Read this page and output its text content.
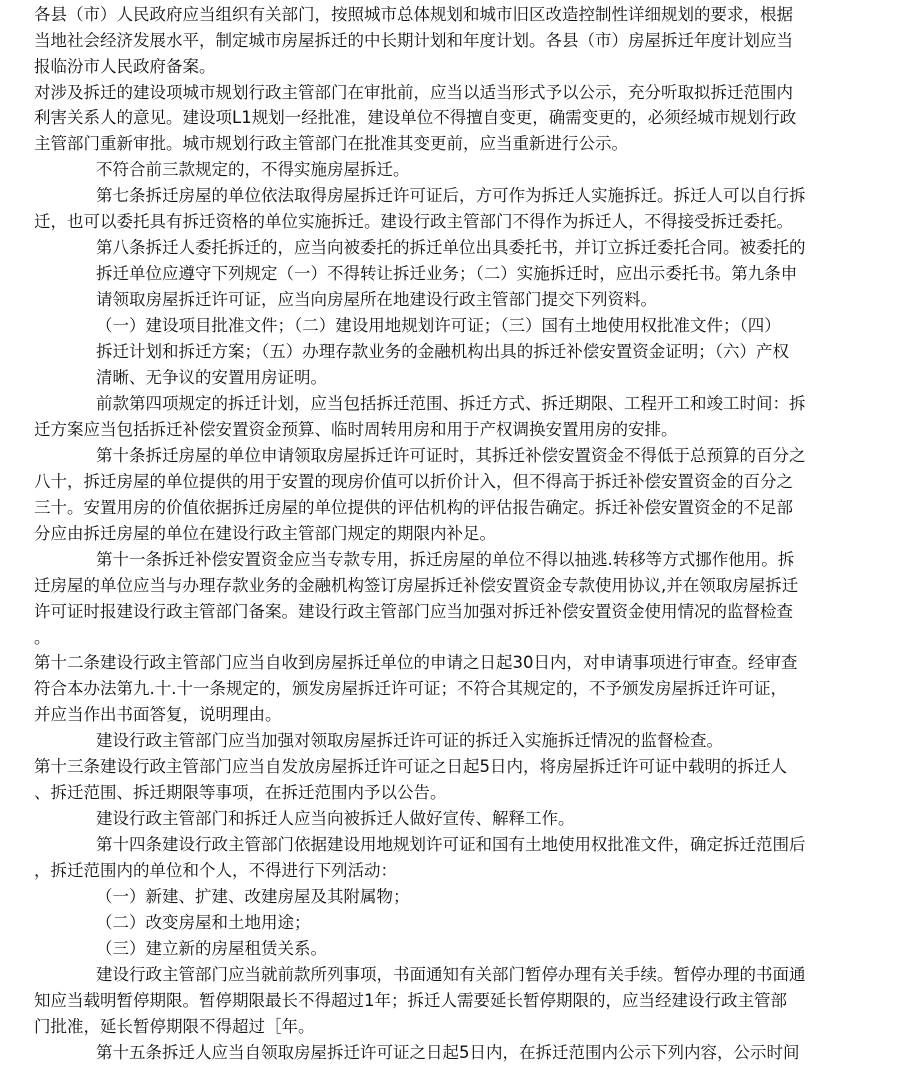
各县（市）人民政府应当组织有关部门，按照城市总体规划和城市旧区改造控制性详细规划的要求，根据
当地社会经济发展水平，制定城市房屋拆迁的中长期计划和年度计划。各县（市）房屋拆迁年度计划应当
报临汾市人民政府备案。
对涉及拆迁的建设项城市规划行政主管部门在审批前，应当以适当形式予以公示，充分听取拟拆迁范围内
利害关系人的意见。建设项L1规划一经批准，建设单位不得擅自变更，确需变更的，必须经城市规划行政
主管部门重新审批。城市规划行政主管部门在批准其变更前，应当重新进行公示。
不符合前三款规定的，不得实施房屋拆迁。
第七条拆迁房屋的单位依法取得房屋拆迁许可证后，方可作为拆迁人实施拆迁。拆迁人可以自行拆
迁，也可以委托具有拆迁资格的单位实施拆迁。建设行政主管部门不得作为拆迁人，不得接受拆迁委托。
第八条拆迁人委托拆迁的，应当向被委托的拆迁单位出具委托书，并订立拆迁委托合同。被委托的
拆迁单位应遵守下列规定（一）不得转让拆迁业务；（二）实施拆迁时，应出示委托书。第九条申
请领取房屋拆迁许可证，应当向房屋所在地建设行政主管部门提交下列资料。
（一）建设项目批准文件；（二）建设用地规划许可证；（三）国有土地使用权批准文件；（四）
拆迁计划和拆迁方案；（五）办理存款业务的金融机构出具的拆迁补偿安置资金证明；（六）产权
清晰、无争议的安置用房证明。
前款第四项规定的拆迁计划，应当包括拆迁范围、拆迁方式、拆迁期限、工程开工和竣工时间：拆
迁方案应当包括拆迁补偿安置资金预算、临时周转用房和用于产权调换安置用房的安排。
第十条拆迁房屋的单位申请领取房屋拆迁许可证时，其拆迁补偿安置资金不得低于总预算的百分之
八十，拆迁房屋的单位提供的用于安置的现房价值可以折价计入，但不得高于拆迁补偿安置资金的百分之
三十。安置用房的价值依据拆迁房屋的单位提供的评估机构的评估报告确定。拆迁补偿安置资金的不足部
分应由拆迁房屋的单位在建设行政主管部门规定的期限内补足。
第十一条拆迁补偿安置资金应当专款专用，拆迁房屋的单位不得以抽逃.转移等方式挪作他用。拆
迁房屋的单位应当与办理存款业务的金融机构签订房屋拆迁补偿安置资金专款使用协议,并在领取房屋拆迁
许可证时报建设行政主管部门备案。建设行政主管部门应当加强对拆迁补偿安置资金使用情况的监督检查
。
第十二条建设行政主管部门应当自收到房屋拆迁单位的申请之日起30日内，对申请事项进行审查。经审查
符合本办法第九.十.十一条规定的，颁发房屋拆迁许可证；不符合其规定的，不予颁发房屋拆迁许可证，
并应当作出书面答复，说明理由。
建设行政主管部门应当加强对领取房屋拆迁许可证的拆迁入实施拆迁情况的监督检查。
第十三条建设行政主管部门应当自发放房屋拆迁许可证之日起5日内，将房屋拆迁许可证中载明的拆迁人
、拆迁范围、拆迁期限等事项，在拆迁范围内予以公告。
建设行政主管部门和拆迁人应当向被拆迁人做好宣传、解释工作。
第十四条建设行政主管部门依据建设用地规划许可证和国有土地使用权批准文件，确定拆迁范围后
，拆迁范围内的单位和个人，不得进行下列活动：
（一）新建、扩建、改建房屋及其附属物；
（二）改变房屋和土地用途；
（三）建立新的房屋租赁关系。
建设行政主管部门应当就前款所列事项，书面通知有关部门暂停办理有关手续。暂停办理的书面通
知应当载明暂停期限。暂停期限最长不得超过1年；拆迁人需要延长暂停期限的，应当经建设行政主管部
门批准，延长暂停期限不得超过［年。
第十五条拆迁人应当自领取房屋拆迁许可证之日起5日内，在拆迁范围内公示下列内容，公示时间
